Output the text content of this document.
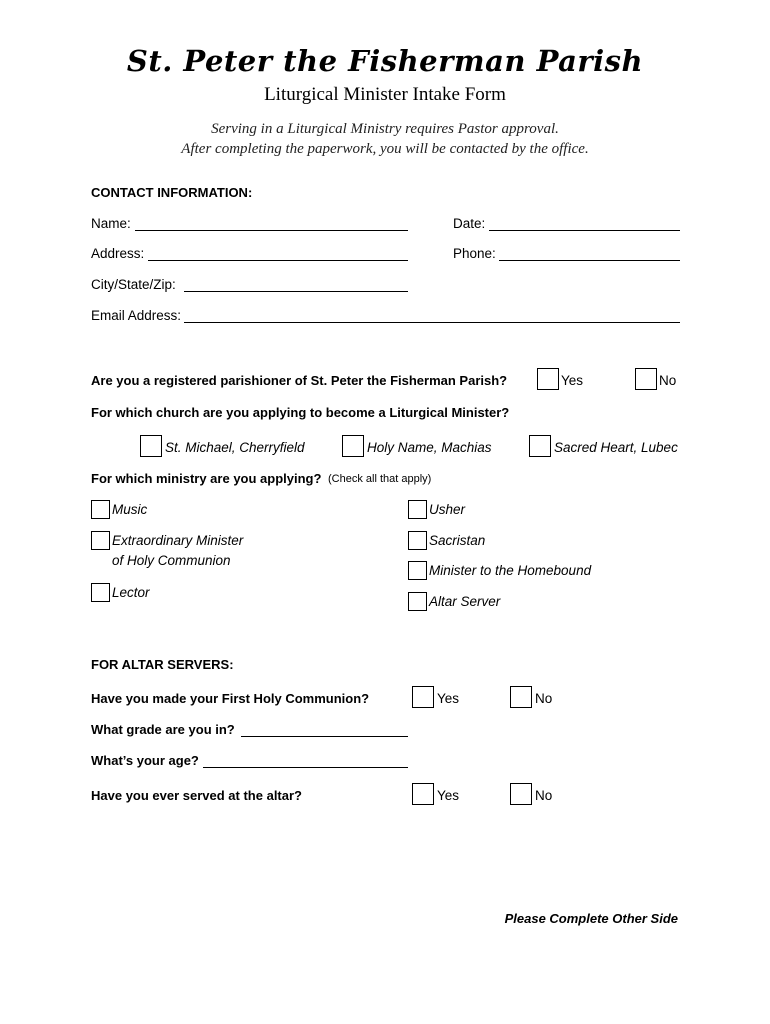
St. Peter the Fisherman Parish
Liturgical Minister Intake Form
Serving in a Liturgical Ministry requires Pastor approval.
After completing the paperwork, you will be contacted by the office.
CONTACT INFORMATION:
Name:	Date:
Address:	Phone:
City/State/Zip:
Email Address:
Are you a registered parishioner of St. Peter the Fisherman Parish?	Yes	No
For which church are you applying to become a Liturgical Minister?
St. Michael, Cherryfield	Holy Name, Machias	Sacred Heart, Lubec
For which ministry are you applying? (Check all that apply)
Music
Extraordinary Minister
of Holy Communion
Lector
Usher
Sacristan
Minister to the Homebound
Altar Server
FOR ALTAR SERVERS:
Have you made your First Holy Communion?	Yes	No
What grade are you in?
What’s your age?
Have you ever served at the altar?	Yes	No
Please Complete Other Side
